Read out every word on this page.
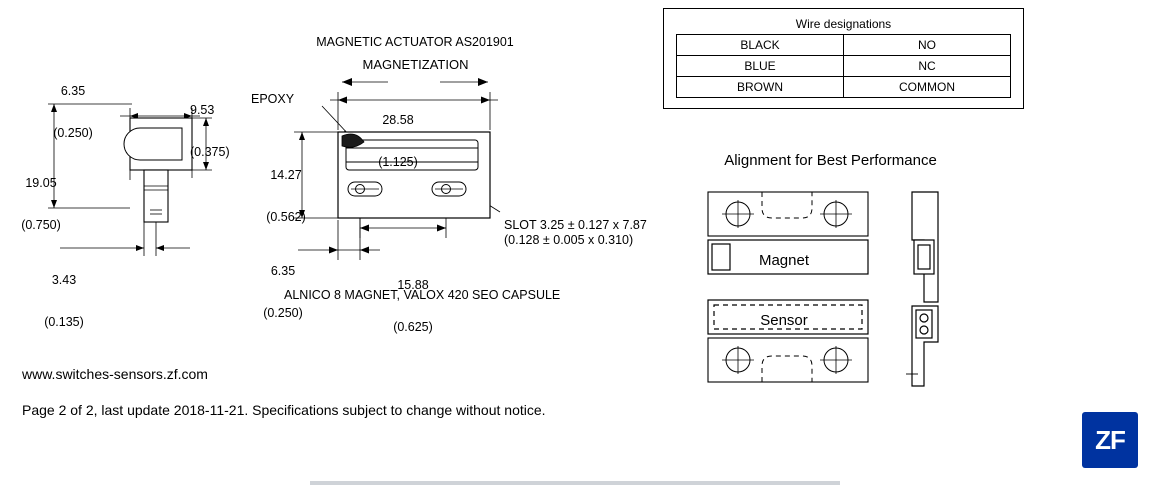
6.35

(0.250)

9.53

(0.375)

19.05

(0.750)

3.43

(0.135)

MAGNETIC ACTUATOR AS201901
MAGNETIZATION

28.58

(1.125)

14.27

(0.562)

EPOXY

6.35

(0.250)

15.88

(0.625)

SLOT 3.25 ± 0.127 x 7.87
(0.128 ± 0.005 x 0.310)
ALNICO 8 MAGNET, VALOX 420 SEO CAPSULE
www.switches-sensors.zf.com
Page 2 of 2, last update 2018-11-21. Specifications subject to change without notice.
Wire designations
BLACK	NO
BLUE	NC
BROWN	COMMON
Alignment for Best Performance
Magnet
Sensor
ZF
